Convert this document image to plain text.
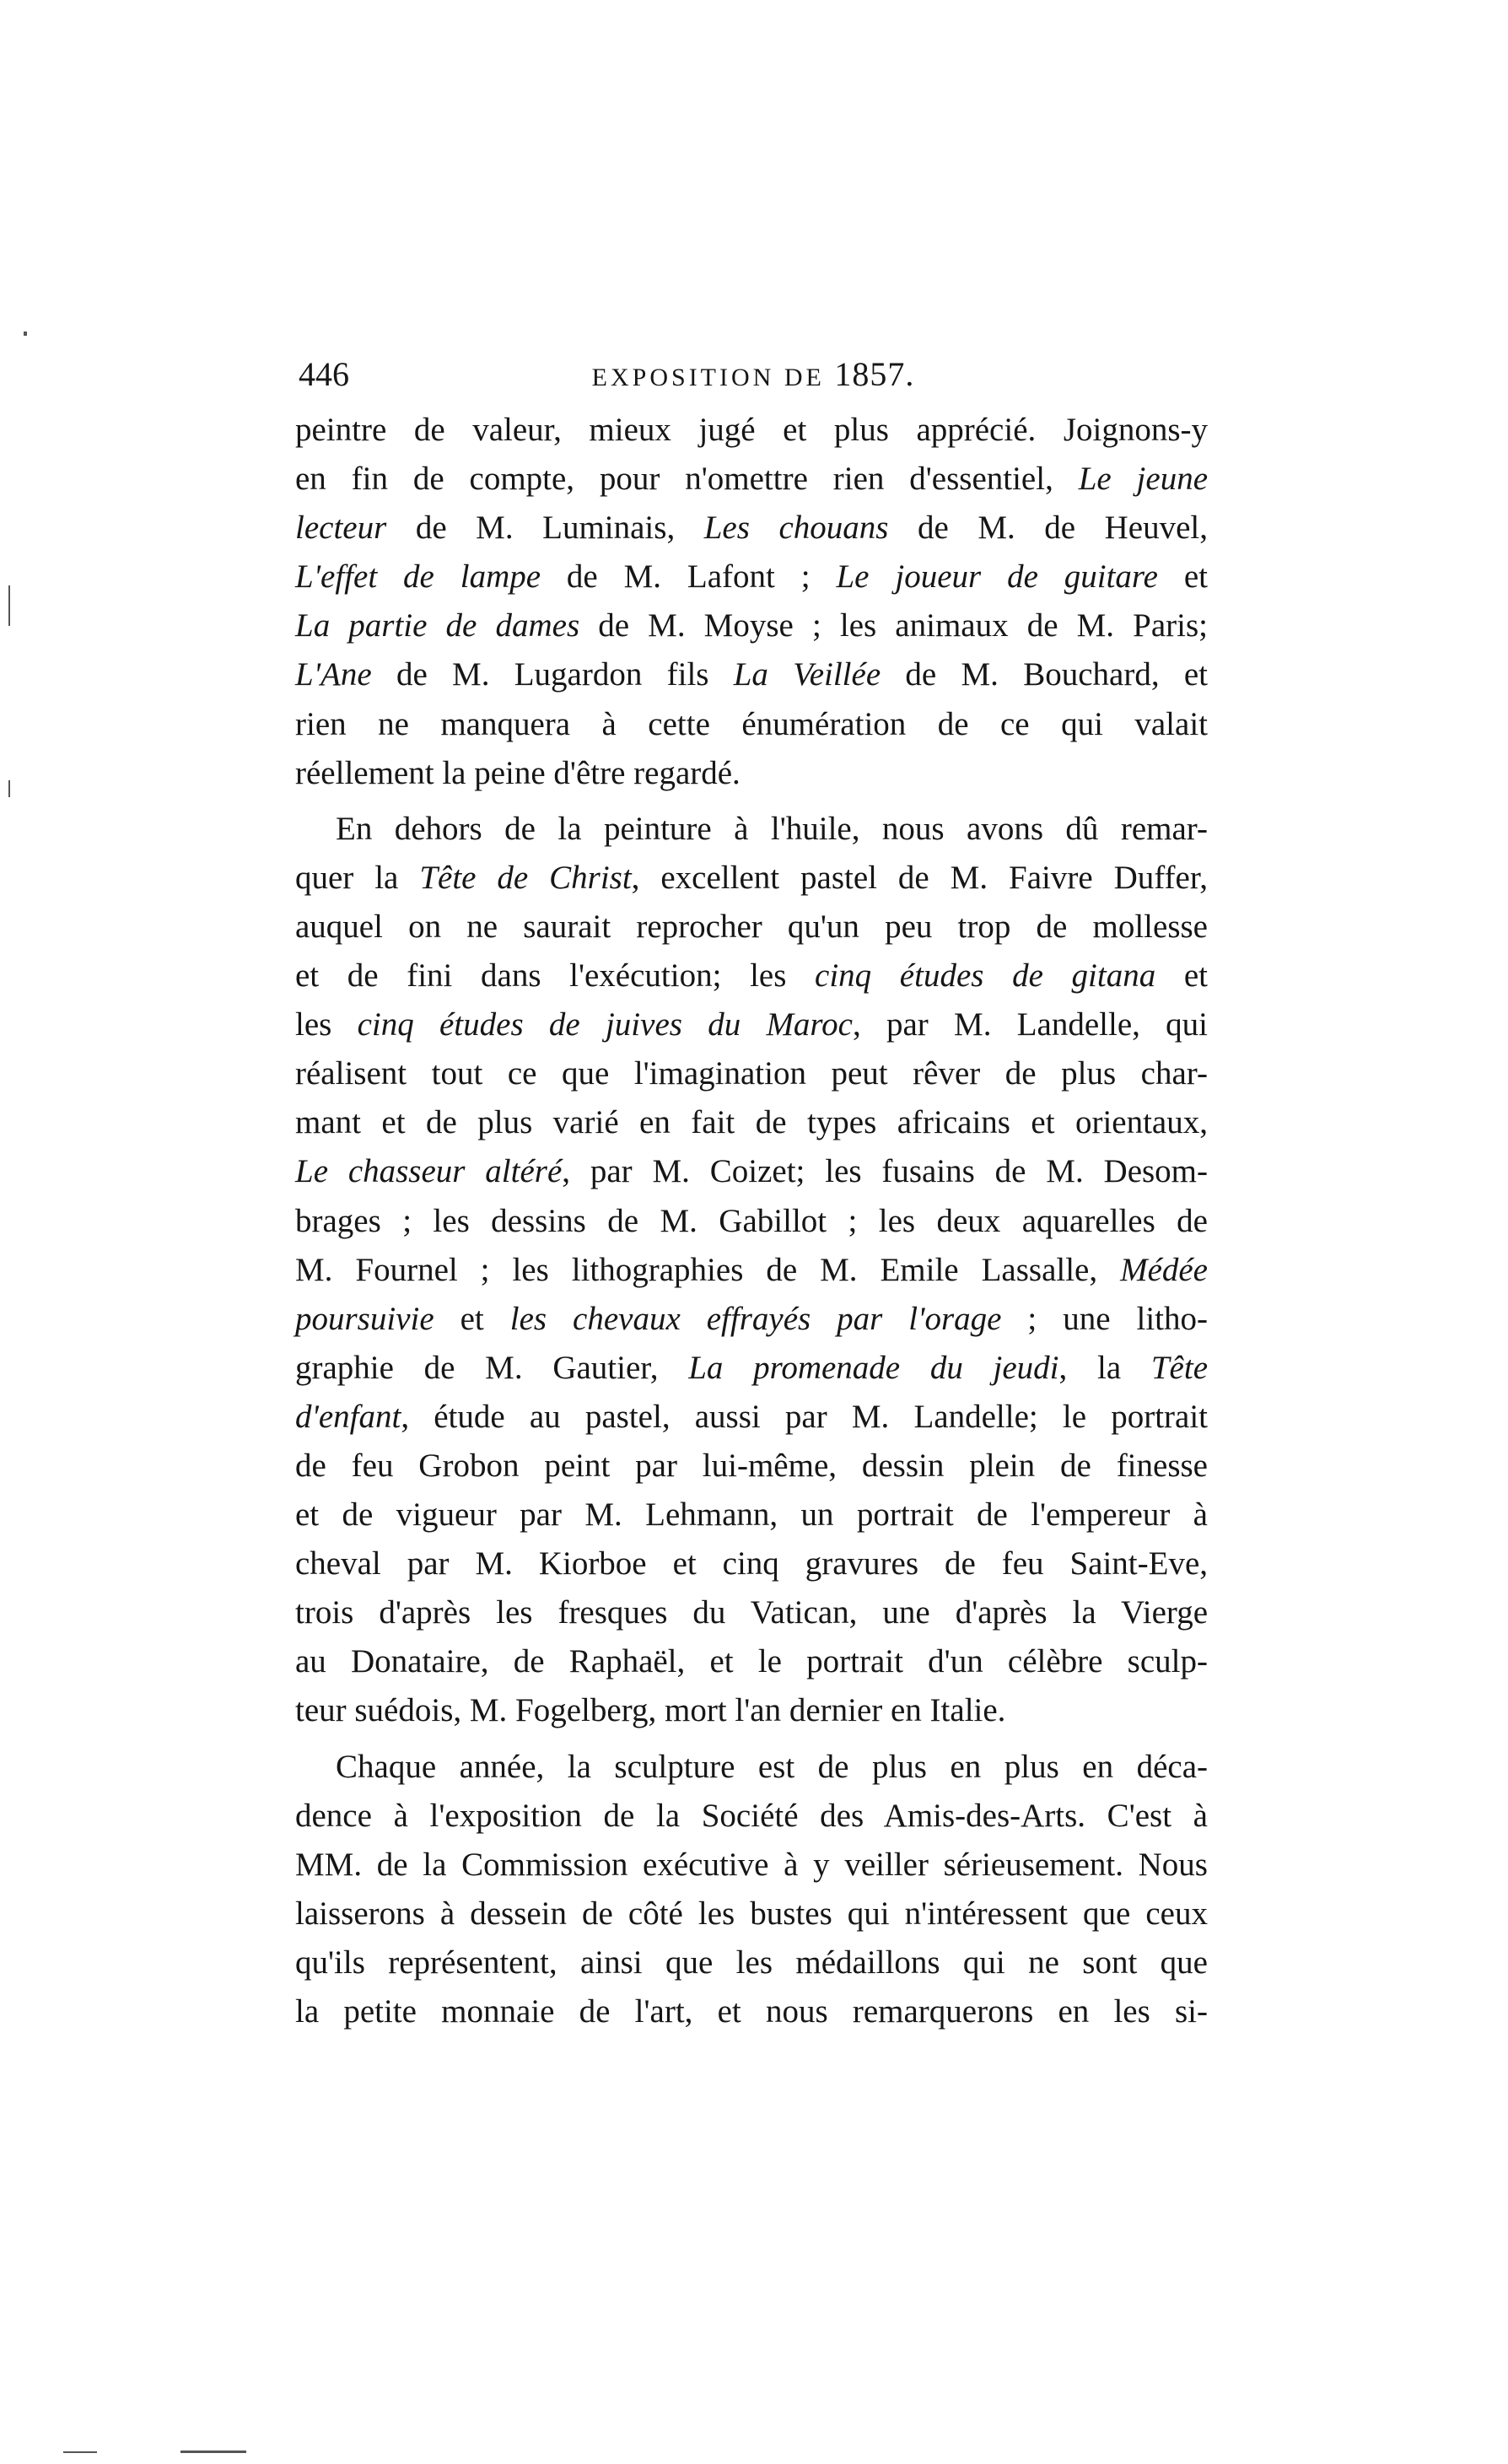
446	EXPOSITION DE 1857.
peintre de valeur, mieux jugé et plus apprécié. Joignons-y
en fin de compte, pour n'omettre rien d'essentiel, Le jeune
lecteur de M. Luminais, Les chouans de M. de Heuvel,
L'effet de lampe de M. Lafont ; Le joueur de guitare et
La partie de dames de M. Moyse ; les animaux de M. Paris;
L'Ane de M. Lugardon fils La Veillée de M. Bouchard, et
rien ne manquera à cette énumération de ce qui valait
réellement la peine d'être regardé.
En dehors de la peinture à l'huile, nous avons dû remar-
quer la Tête de Christ, excellent pastel de M. Faivre Duffer,
auquel on ne saurait reprocher qu'un peu trop de mollesse
et de fini dans l'exécution; les cinq études de gitana et
les cinq études de juives du Maroc, par M. Landelle, qui
réalisent tout ce que l'imagination peut rêver de plus char-
mant et de plus varié en fait de types africains et orientaux,
Le chasseur altéré, par M. Coizet; les fusains de M. Desom-
brages ; les dessins de M. Gabillot ; les deux aquarelles de
M. Fournel ; les lithographies de M. Emile Lassalle, Médée
poursuivie et les chevaux effrayés par l'orage ; une litho-
graphie de M. Gautier, La promenade du jeudi, la Tête
d'enfant, étude au pastel, aussi par M. Landelle; le portrait
de feu Grobon peint par lui-même, dessin plein de finesse
et de vigueur par M. Lehmann, un portrait de l'empereur à
cheval par M. Kiorboe et cinq gravures de feu Saint-Eve,
trois d'après les fresques du Vatican, une d'après la Vierge
au Donataire, de Raphaël, et le portrait d'un célèbre sculp-
teur suédois, M. Fogelberg, mort l'an dernier en Italie.
Chaque année, la sculpture est de plus en plus en déca-
dence à l'exposition de la Société des Amis-des-Arts. C'est à
MM. de la Commission exécutive à y veiller sérieusement. Nous
laisserons à dessein de côté les bustes qui n'intéressent que ceux
qu'ils représentent, ainsi que les médaillons qui ne sont que
la petite monnaie de l'art, et nous remarquerons en les si-
